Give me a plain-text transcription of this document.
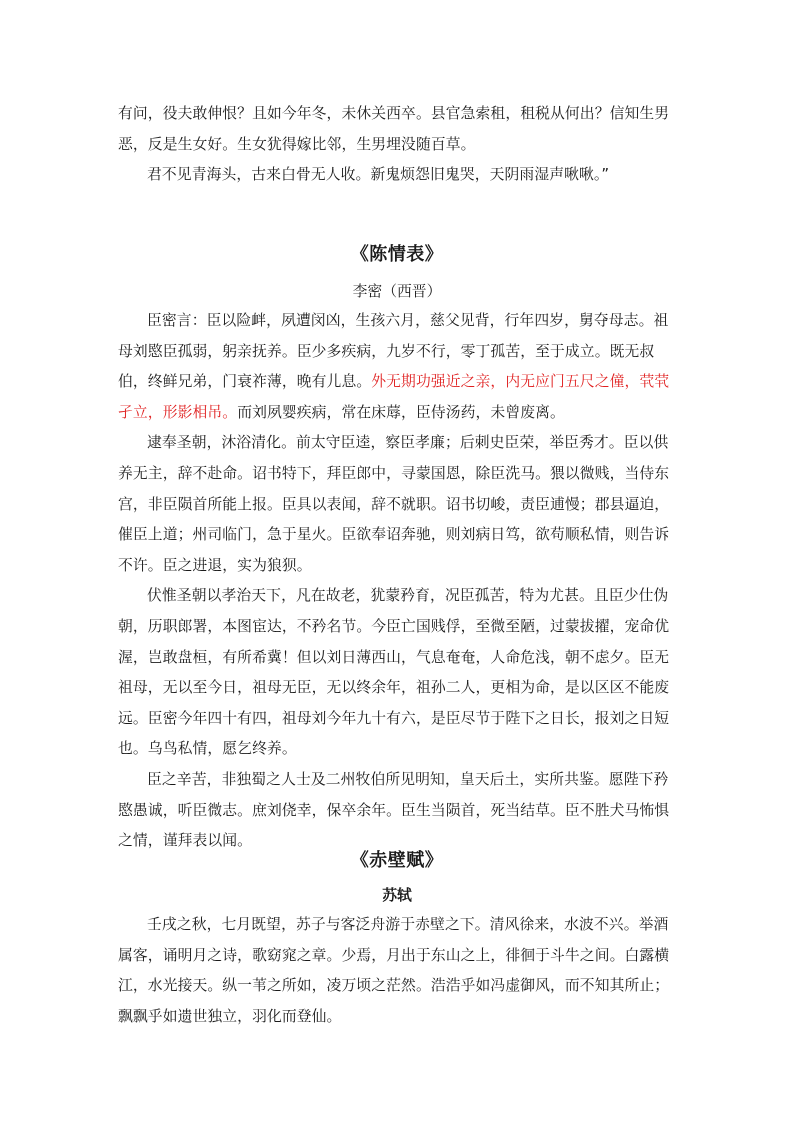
有问，役夫敢伸恨？且如今年冬，未休关西卒。县官急索租，租税从何出？信知生男恶，反是生女好。生女犹得嫁比邻，生男埋没随百草。

君不见青海头，古来白骨无人收。新鬼烦怨旧鬼哭，天阴雨湿声啾啾。”

《陈情表》
李密（西晋）

臣密言：臣以险衅，夙遭闵凶，生孩六月，慈父见背，行年四岁，舅夺母志。祖母刘愍臣孤弱，躬亲抚养。臣少多疾病，九岁不行，零丁孤苦，至于成立。既无叔伯，终鲜兄弟，门衰祚薄，晚有儿息。外无期功强近之亲，内无应门五尺之僮，茕茕孑立，形影相吊。而刘夙婴疾病，常在床蓐，臣侍汤药，未曾废离。

逮奉圣朝，沐浴清化。前太守臣逵，察臣孝廉；后刺史臣荣，举臣秀才。臣以供养无主，辞不赴命。诏书特下，拜臣郎中，寻蒙国恩，除臣洗马。猥以微贱，当侍东宫，非臣陨首所能上报。臣具以表闻，辞不就职。诏书切峻，责臣逋慢；郡县逼迫，催臣上道；州司临门，急于星火。臣欲奉诏奔驰，则刘病日笃，欲苟顺私情，则告诉不许。臣之进退，实为狼狈。

伏惟圣朝以孝治天下，凡在故老，犹蒙矜育，况臣孤苦，特为尤甚。且臣少仕伪朝，历职郎署，本图宦达，不矜名节。今臣亡国贱俘，至微至陋，过蒙拔擢，宠命优渥，岂敢盘桓，有所希冀！但以刘日薄西山，气息奄奄，人命危浅，朝不虑夕。臣无祖母，无以至今日，祖母无臣，无以终余年，祖孙二人，更相为命，是以区区不能废远。臣密今年四十有四，祖母刘今年九十有六，是臣尽节于陛下之日长，报刘之日短也。乌鸟私情，愿乞终养。

臣之辛苦，非独蜀之人士及二州牧伯所见明知，皇天后土，实所共鉴。愿陛下矜愍愚诚，听臣微志。庶刘侥幸，保卒余年。臣生当陨首，死当结草。臣不胜犬马怖惧之情，谨拜表以闻。

《赤壁赋》
苏轼

壬戌之秋，七月既望，苏子与客泛舟游于赤壁之下。清风徐来，水波不兴。举酒属客，诵明月之诗，歌窈窕之章。少焉，月出于东山之上，徘徊于斗牛之间。白露横江，水光接天。纵一苇之所如，凌万顷之茫然。浩浩乎如冯虚御风，而不知其所止；飘飘乎如遗世独立，羽化而登仙。
